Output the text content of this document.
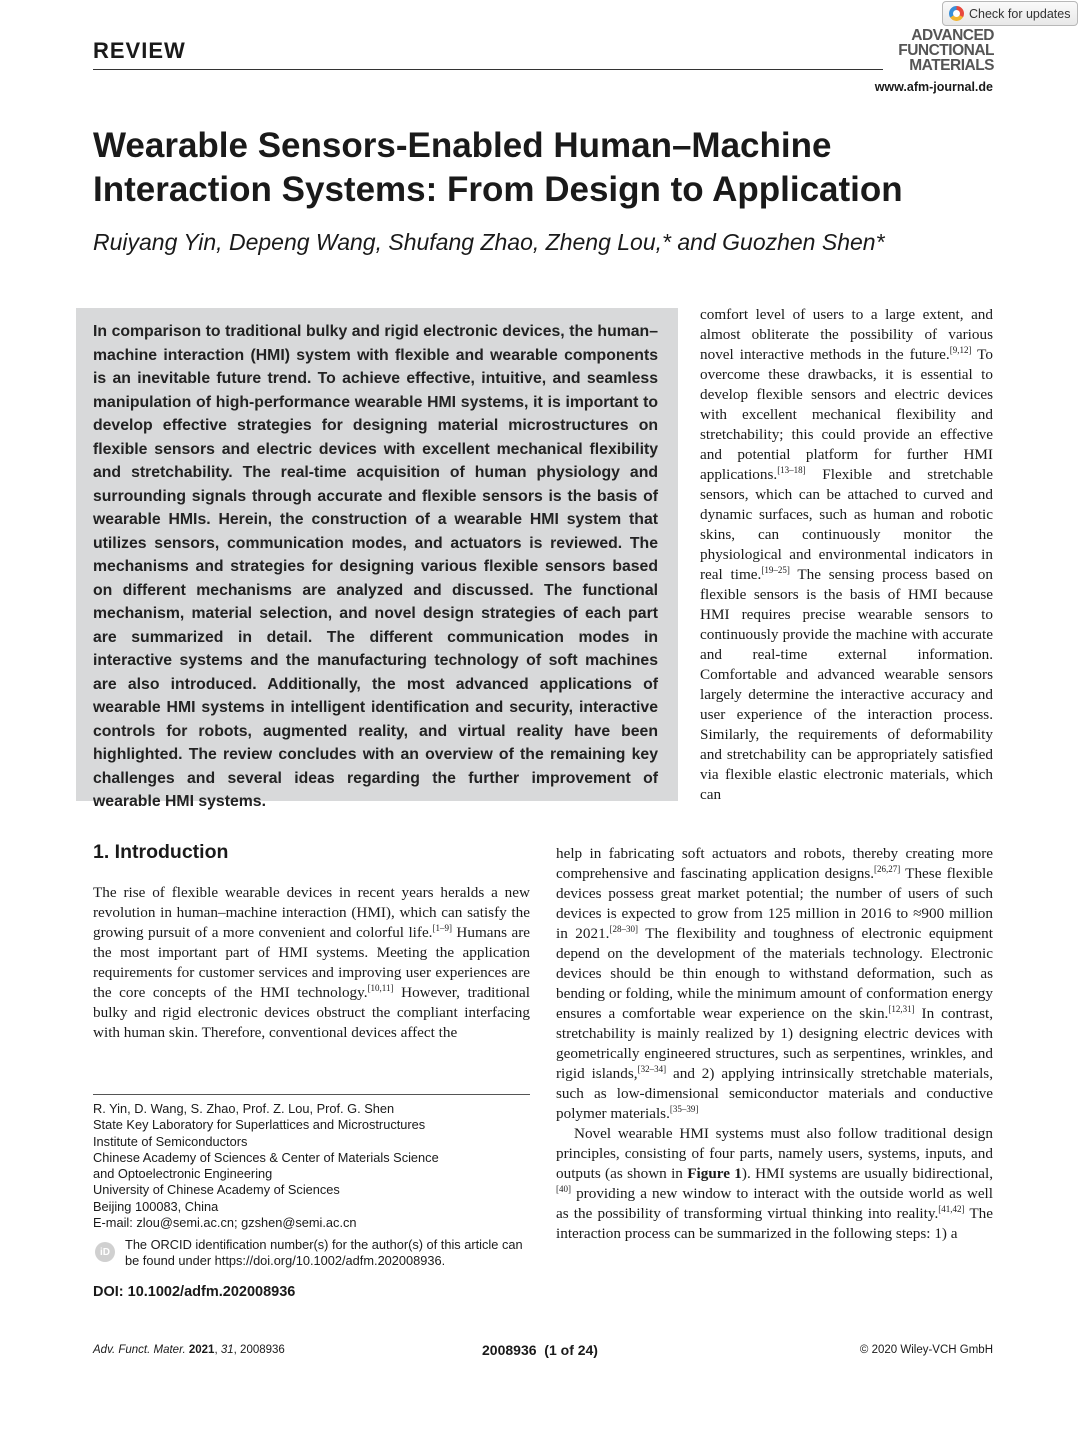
Check for updates
REVIEW
ADVANCED
FUNCTIONAL
MATERIALS
www.afm-journal.de
Wearable Sensors-Enabled Human–Machine Interaction Systems: From Design to Application
Ruiyang Yin, Depeng Wang, Shufang Zhao, Zheng Lou,* and Guozhen Shen*
In comparison to traditional bulky and rigid electronic devices, the human–machine interaction (HMI) system with flexible and wearable components is an inevitable future trend. To achieve effective, intuitive, and seamless manipulation of high-performance wearable HMI systems, it is important to develop effective strategies for designing material microstructures on flexible sensors and electric devices with excellent mechanical flexibility and stretchability. The real-time acquisition of human physiology and surrounding signals through accurate and flexible sensors is the basis of wearable HMIs. Herein, the construction of a wearable HMI system that utilizes sensors, communication modes, and actuators is reviewed. The mechanisms and strategies for designing various flexible sensors based on different mechanisms are analyzed and discussed. The functional mechanism, material selection, and novel design strategies of each part are summarized in detail. The different communication modes in interactive systems and the manufacturing technology of soft machines are also introduced. Additionally, the most advanced applications of wearable HMI systems in intelligent identification and security, interactive controls for robots, augmented reality, and virtual reality have been highlighted. The review concludes with an overview of the remaining key challenges and several ideas regarding the further improvement of wearable HMI systems.
comfort level of users to a large extent, and almost obliterate the possibility of various novel interactive methods in the future.[9,12] To overcome these drawbacks, it is essential to develop flexible sensors and electric devices with excellent mechanical flexibility and stretchability; this could provide an effective and potential platform for further HMI applications.[13–18] Flexible and stretchable sensors, which can be attached to curved and dynamic surfaces, such as human and robotic skins, can continuously monitor the physiological and environmental indicators in real time.[19–25] The sensing process based on flexible sensors is the basis of HMI because HMI requires precise wearable sensors to continuously provide the machine with accurate and real-time external information. Comfortable and advanced wearable sensors largely determine the interactive accuracy and user experience of the interaction process. Similarly, the requirements of deformability and stretchability can be appropriately satisfied via flexible elastic electronic materials, which can
1. Introduction
The rise of flexible wearable devices in recent years heralds a new revolution in human–machine interaction (HMI), which can satisfy the growing pursuit of a more convenient and colorful life.[1–9] Humans are the most important part of HMI systems. Meeting the application requirements for customer services and improving user experiences are the core concepts of the HMI technology.[10,11] However, traditional bulky and rigid electronic devices obstruct the compliant interfacing with human skin. Therefore, conventional devices affect the
help in fabricating soft actuators and robots, thereby creating more comprehensive and fascinating application designs.[26,27] These flexible devices possess great market potential; the number of users of such devices is expected to grow from 125 million in 2016 to ≈900 million in 2021.[28–30] The flexibility and toughness of electronic equipment depend on the development of the materials technology. Electronic devices should be thin enough to withstand deformation, such as bending or folding, while the minimum amount of conformation energy ensures a comfortable wear experience on the skin.[12,31] In contrast, stretchability is mainly realized by 1) designing electric devices with geometrically engineered structures, such as serpentines, wrinkles, and rigid islands,[32–34] and 2) applying intrinsically stretchable materials, such as low-dimensional semiconductor materials and conductive polymer materials.[35–39]
Novel wearable HMI systems must also follow traditional design principles, consisting of four parts, namely users, systems, inputs, and outputs (as shown in Figure 1). HMI systems are usually bidirectional,[40] providing a new window to interact with the outside world as well as the possibility of transforming virtual thinking into reality.[41,42] The interaction process can be summarized in the following steps: 1) a
R. Yin, D. Wang, S. Zhao, Prof. Z. Lou, Prof. G. Shen
State Key Laboratory for Superlattices and Microstructures
Institute of Semiconductors
Chinese Academy of Sciences & Center of Materials Science
and Optoelectronic Engineering
University of Chinese Academy of Sciences
Beijing 100083, China
E-mail: zlou@semi.ac.cn; gzshen@semi.ac.cn
iD	The ORCID identification number(s) for the author(s) of this article can be found under https://doi.org/10.1002/adfm.202008936.
DOI: 10.1002/adfm.202008936
Adv. Funct. Mater. 2021, 31, 2008936	2008936  (1 of 24)	© 2020 Wiley-VCH GmbH
